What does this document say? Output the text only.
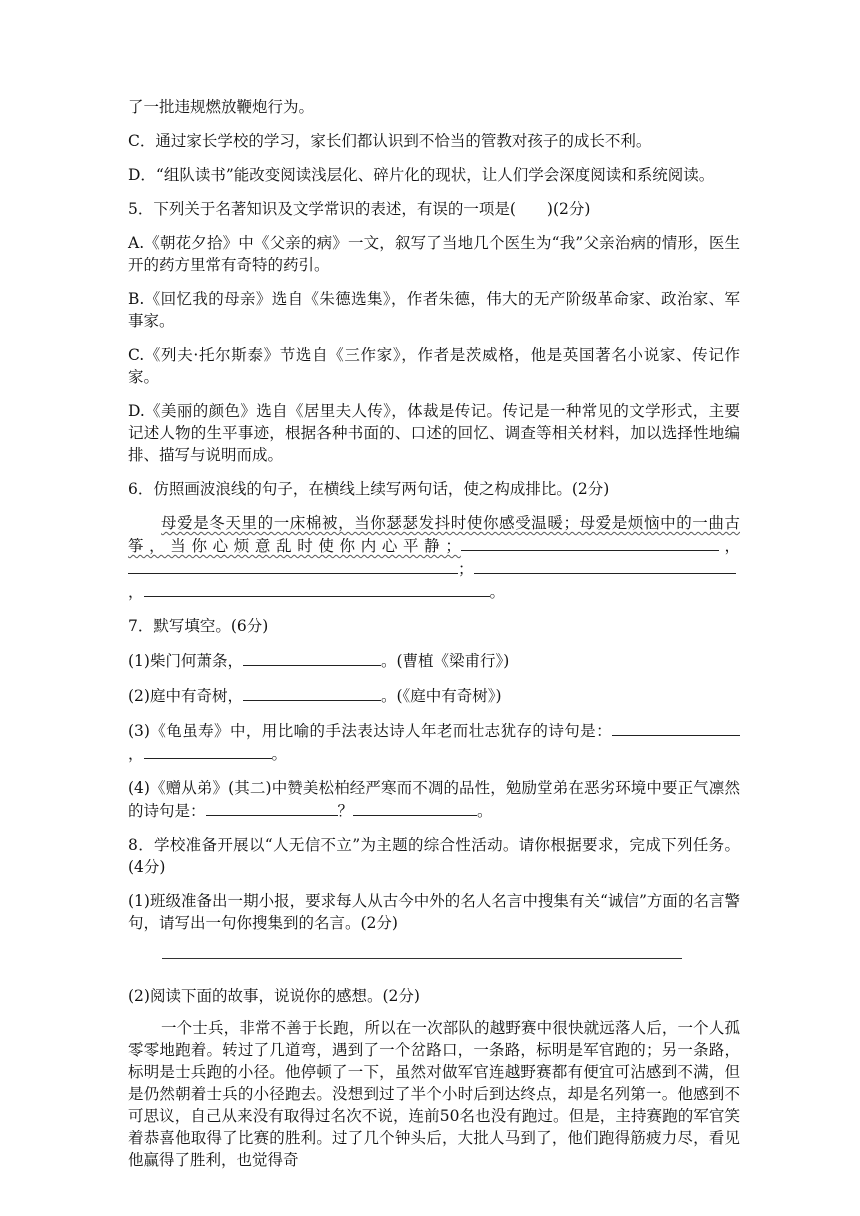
了一批违规燃放鞭炮行为。

C．通过家长学校的学习，家长们都认识到不恰当的管教对孩子的成长不利。

D．“组队读书”能改变阅读浅层化、碎片化的现状，让人们学会深度阅读和系统阅读。

5．下列关于名著知识及文学常识的表述，有误的一项是(　　)(2分)

A.《朝花夕拾》中《父亲的病》一文，叙写了当地几个医生为“我”父亲治病的情形，医生开的药方里常有奇特的药引。

B.《回忆我的母亲》选自《朱德选集》，作者朱德，伟大的无产阶级革命家、政治家、军事家。

C.《列夫·托尔斯泰》节选自《三作家》，作者是茨威格，他是英国著名小说家、传记作家。

D.《美丽的颜色》选自《居里夫人传》，体裁是传记。传记是一种常见的文学形式，主要记述人物的生平事迹，根据各种书面的、口述的回忆、调查等相关材料，加以选择性地编排、描写与说明而成。

6．仿照画波浪线的句子，在横线上续写两句话，使之构成排比。(2分)

母爱是冬天里的一床棉被，当你瑟瑟发抖时使你感受温暖；母爱是烦恼中的一曲古筝，当你心烦意乱时使你内心平静；	，；，	。

7．默写填空。(6分)

(1)柴门何萧条，	。(曹植《梁甫行》)

(2)庭中有奇树，	。(《庭中有奇树》)

(3)《龟虽寿》中，用比喻的手法表达诗人年老而壮志犹存的诗句是：，	。

(4)《赠从弟》(其二)中赞美松柏经严寒而不凋的品性，勉励堂弟在恶劣环境中要正气凛然的诗句是：	？	。

8．学校准备开展以“人无信不立”为主题的综合性活动。请你根据要求，完成下列任务。(4分)

(1)班级准备出一期小报，要求每人从古今中外的名人名言中搜集有关“诚信”方面的名言警句，请写出一句你搜集到的名言。(2分)

(2)阅读下面的故事，说说你的感想。(2分)

一个士兵，非常不善于长跑，所以在一次部队的越野赛中很快就远落人后，一个人孤零零地跑着。转过了几道弯，遇到了一个岔路口，一条路，标明是军官跑的；另一条路，标明是士兵跑的小径。他停顿了一下，虽然对做军官连越野赛都有便宜可沾感到不满，但是仍然朝着士兵的小径跑去。没想到过了半个小时后到达终点，却是名列第一。他感到不可思议，自己从来没有取得过名次不说，连前50名也没有跑过。但是，主持赛跑的军官笑着恭喜他取得了比赛的胜利。过了几个钟头后，大批人马到了，他们跑得筋疲力尽，看见他赢得了胜利，也觉得奇
